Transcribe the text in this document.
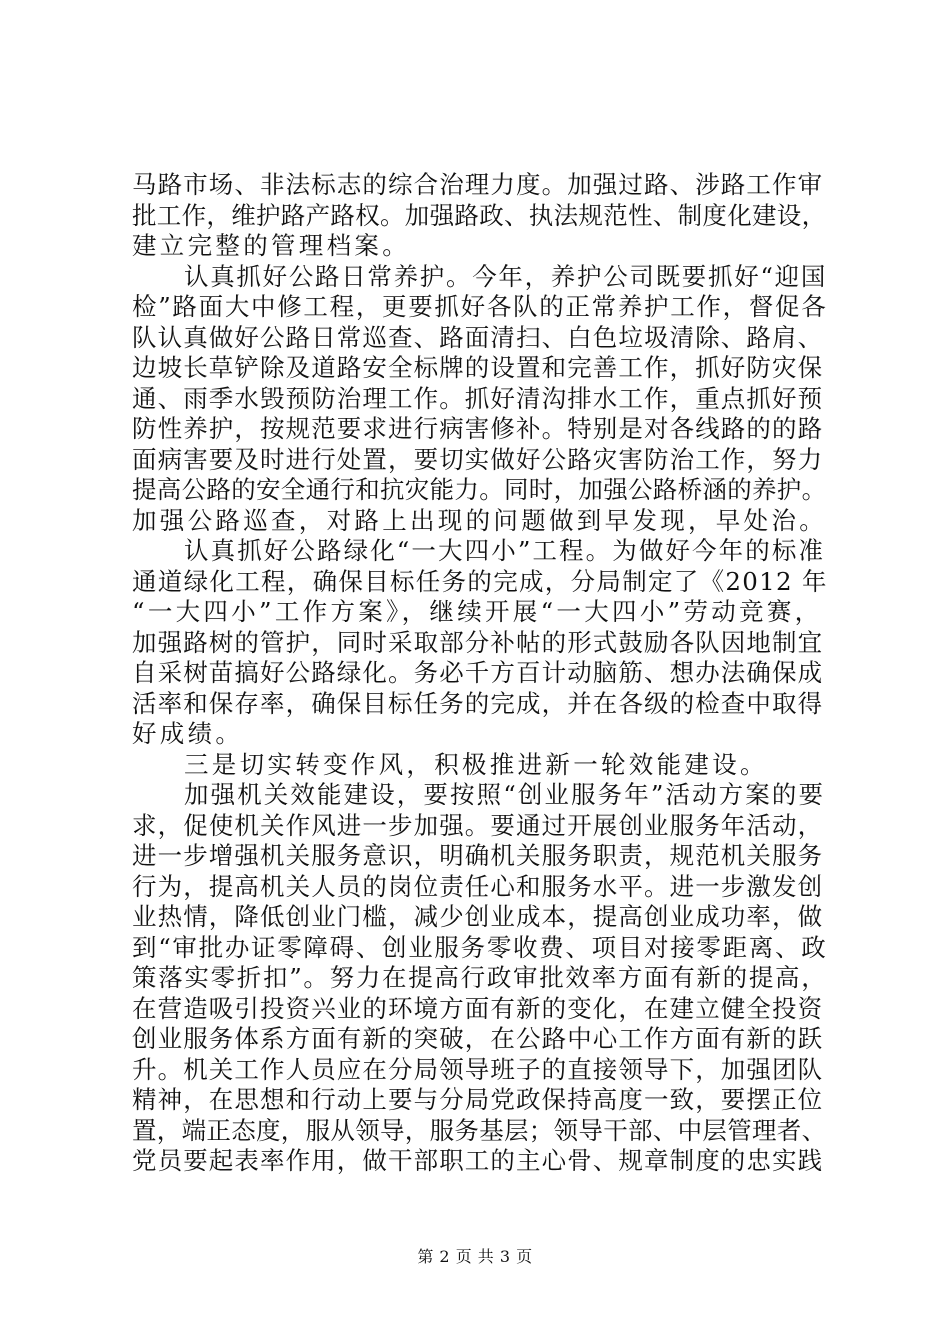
马路市场、非法标志的综合治理力度。加强过路、涉路工作审
批工作，维护路产路权。加强路政、执法规范性、制度化建设，
建立完整的管理档案。
认真抓好公路日常养护。今年，养护公司既要抓好“迎国
检”路面大中修工程，更要抓好各队的正常养护工作，督促各
队认真做好公路日常巡查、路面清扫、白色垃圾清除、路肩、
边坡长草铲除及道路安全标牌的设置和完善工作，抓好防灾保
通、雨季水毁预防治理工作。抓好清沟排水工作，重点抓好预
防性养护，按规范要求进行病害修补。特别是对各线路的的路
面病害要及时进行处置，要切实做好公路灾害防治工作，努力
提高公路的安全通行和抗灾能力。同时，加强公路桥涵的养护。
加强公路巡查，对路上出现的问题做到早发现，早处治。
认真抓好公路绿化“一大四小”工程。为做好今年的标准
通道绿化工程，确保目标任务的完成，分局制定了《2012 年
“一大四小”工作方案》，继续开展“一大四小”劳动竞赛，
加强路树的管护，同时采取部分补帖的形式鼓励各队因地制宜
自采树苗搞好公路绿化。务必千方百计动脑筋、想办法确保成
活率和保存率，确保目标任务的完成，并在各级的检查中取得
好成绩。
三是切实转变作风，积极推进新一轮效能建设。
加强机关效能建设，要按照“创业服务年”活动方案的要
求，促使机关作风进一步加强。要通过开展创业服务年活动，
进一步增强机关服务意识，明确机关服务职责，规范机关服务
行为，提高机关人员的岗位责任心和服务水平。进一步激发创
业热情，降低创业门槛，减少创业成本，提高创业成功率，做
到“审批办证零障碍、创业服务零收费、项目对接零距离、政
策落实零折扣”。努力在提高行政审批效率方面有新的提高，
在营造吸引投资兴业的环境方面有新的变化，在建立健全投资
创业服务体系方面有新的突破，在公路中心工作方面有新的跃
升。机关工作人员应在分局领导班子的直接领导下，加强团队
精神，在思想和行动上要与分局党政保持高度一致，要摆正位
置，端正态度，服从领导，服务基层；领导干部、中层管理者、
党员要起表率作用，做干部职工的主心骨、规章制度的忠实践
第 2 页 共 3 页
